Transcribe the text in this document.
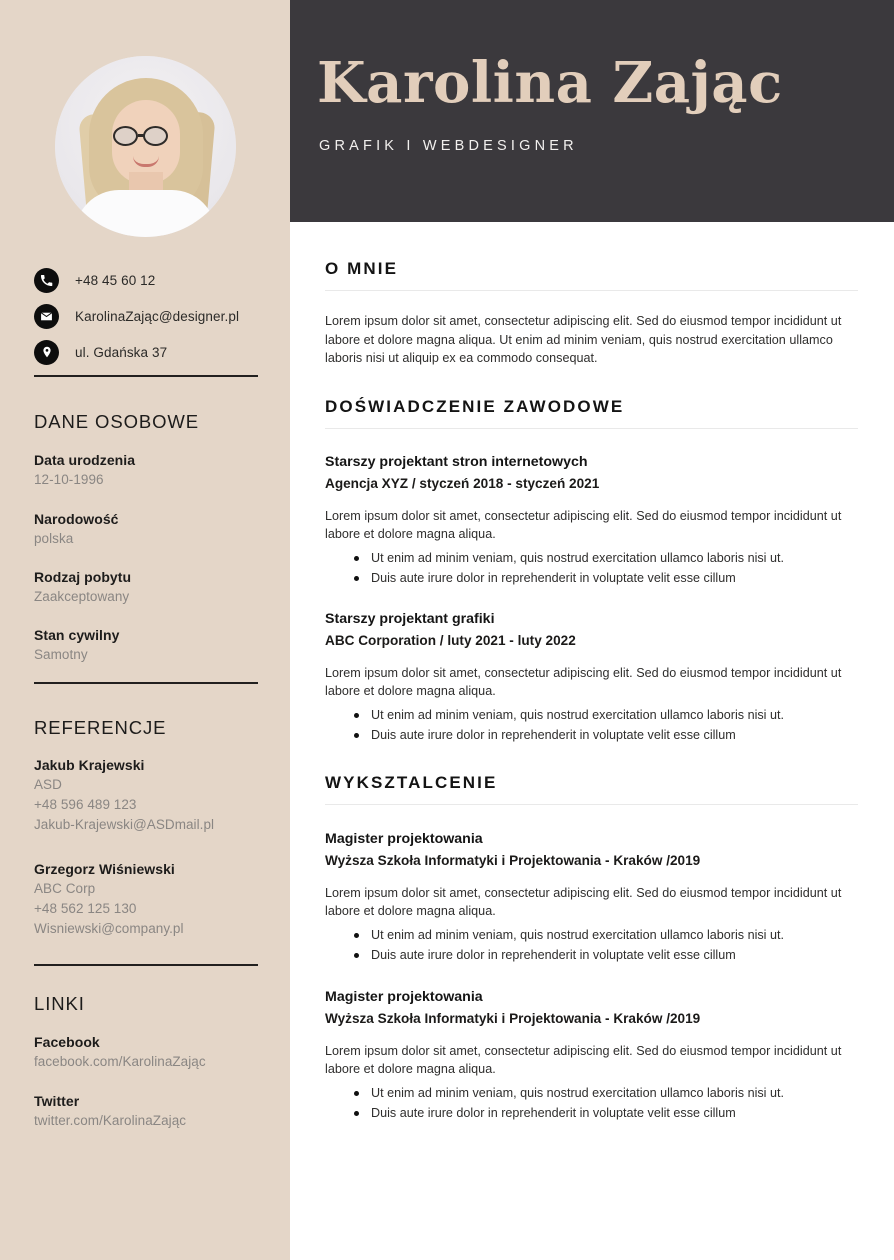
+48 45 60 12
KarolinaZając@designer.pl
ul. Gdańska 37
DANE OSOBOWE
Data urodzenia
12-10-1996
Narodowość
polska
Rodzaj pobytu
Zaakceptowany
Stan cywilny
Samotny
REFERENCJE
Jakub Krajewski
ASD
+48 596 489 123
Jakub-Krajewski@ASDmail.pl
Grzegorz Wiśniewski
ABC Corp
+48 562 125 130
Wisniewski@company.pl
LINKI
Facebook
facebook.com/KarolinaZając
Twitter
twitter.com/KarolinaZając
Karolina Zając
GRAFIK I WEBDESIGNER
O MNIE

Lorem ipsum dolor sit amet, consectetur adipiscing elit. Sed do eiusmod tempor incididunt ut labore et dolore magna aliqua. Ut enim ad minim veniam, quis nostrud exercitation ullamco laboris nisi ut aliquip ex ea commodo consequat.

DOŚWIADCZENIE ZAWODOWE
Starszy projektant stron internetowych
Agencja XYZ / styczeń 2018 - styczeń 2021

Lorem ipsum dolor sit amet, consectetur adipiscing elit. Sed do eiusmod tempor incididunt ut labore et dolore magna aliqua.

Ut enim ad minim veniam, quis nostrud exercitation ullamco laboris nisi ut.
Duis aute irure dolor in reprehenderit in voluptate velit esse cillum
Starszy projektant grafiki
ABC Corporation / luty 2021 - luty 2022

Lorem ipsum dolor sit amet, consectetur adipiscing elit. Sed do eiusmod tempor incididunt ut labore et dolore magna aliqua.

Ut enim ad minim veniam, quis nostrud exercitation ullamco laboris nisi ut.
Duis aute irure dolor in reprehenderit in voluptate velit esse cillum
WYKSZTALCENIE
Magister projektowania
Wyższa Szkoła Informatyki i Projektowania - Kraków /2019

Lorem ipsum dolor sit amet, consectetur adipiscing elit. Sed do eiusmod tempor incididunt ut labore et dolore magna aliqua.

Ut enim ad minim veniam, quis nostrud exercitation ullamco laboris nisi ut.
Duis aute irure dolor in reprehenderit in voluptate velit esse cillum
Magister projektowania
Wyższa Szkoła Informatyki i Projektowania - Kraków /2019

Lorem ipsum dolor sit amet, consectetur adipiscing elit. Sed do eiusmod tempor incididunt ut labore et dolore magna aliqua.

Ut enim ad minim veniam, quis nostrud exercitation ullamco laboris nisi ut.
Duis aute irure dolor in reprehenderit in voluptate velit esse cillum
